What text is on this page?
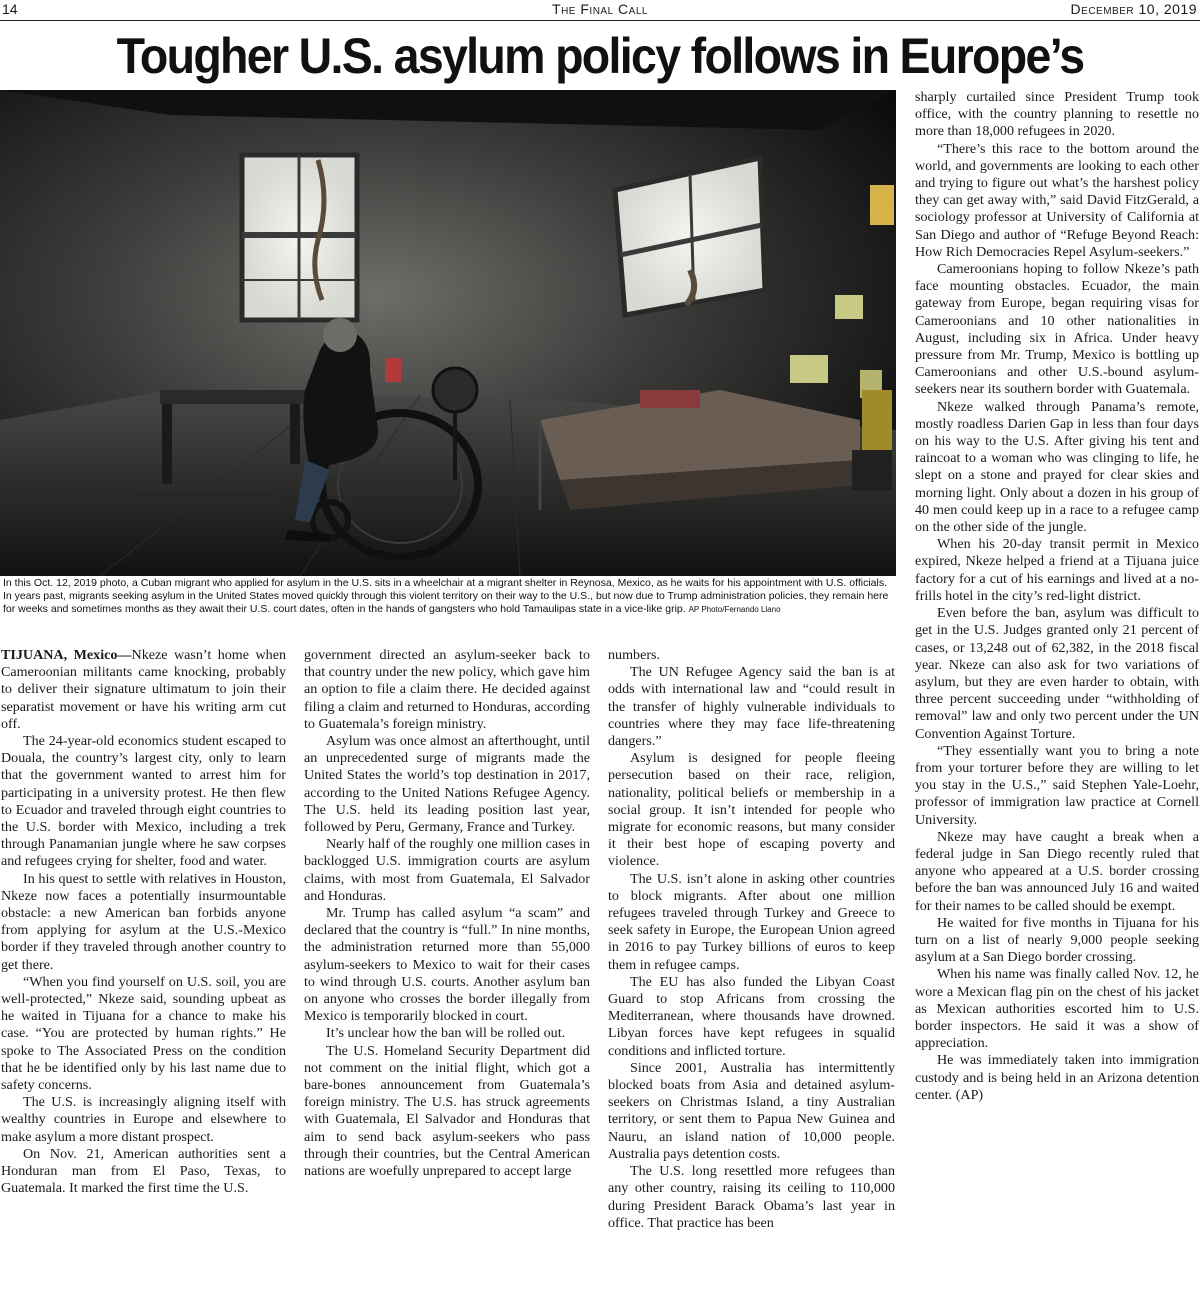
14	The Final Call	December 10, 2019
Tougher U.S. asylum policy follows in Europe’s
In this Oct. 12, 2019 photo, a Cuban migrant who applied for asylum in the U.S. sits in a wheelchair at a migrant shelter in Reynosa, Mexico, as he waits for his appointment with U.S. officials. In years past, migrants seeking asylum in the United States moved quickly through this violent territory on their way to the U.S., but now due to Trump administration policies, they remain here for weeks and sometimes months as they await their U.S. court dates, often in the hands of gangsters who hold Tamaulipas state in a vice-like grip. AP Photo/Fernando Llano

TIJUANA, Mexico—Nkeze wasn’t home when Cameroonian militants came knocking, probably to deliver their signature ultimatum to join their separatist movement or have his writing arm cut off.

The 24-year-old economics student escaped to Douala, the country’s largest city, only to learn that the government wanted to arrest him for participating in a university protest. He then flew to Ecuador and traveled through eight countries to the U.S. border with Mexico, including a trek through Panamanian jungle where he saw corpses and refugees crying for shelter, food and water.

In his quest to settle with relatives in Houston, Nkeze now faces a potentially insurmountable obstacle: a new American ban forbids anyone from applying for asylum at the U.S.-Mexico border if they traveled through another country to get there.

“When you find yourself on U.S. soil, you are well-protected,” Nkeze said, sounding upbeat as he waited in Tijuana for a chance to make his case. “You are protected by human rights.” He spoke to The Associated Press on the condition that he be identified only by his last name due to safety concerns.

The U.S. is increasingly aligning itself with wealthy countries in Europe and elsewhere to make asylum a more distant prospect.

On Nov. 21, American authorities sent a Honduran man from El Paso, Texas, to Guatemala. It marked the first time the U.S.

government directed an asylum-seeker back to that country under the new policy, which gave him an option to file a claim there. He decided against filing a claim and returned to Honduras, according to Guatemala’s foreign ministry.

Asylum was once almost an afterthought, until an unprecedented surge of migrants made the United States the world’s top destination in 2017, according to the United Nations Refugee Agency. The U.S. held its leading position last year, followed by Peru, Germany, France and Turkey.

Nearly half of the roughly one million cases in backlogged U.S. immigration courts are asylum claims, with most from Guatemala, El Salvador and Honduras.

Mr. Trump has called asylum “a scam” and declared that the country is “full.” In nine months, the administration returned more than 55,000 asylum-seekers to Mexico to wait for their cases to wind through U.S. courts. Another asylum ban on anyone who crosses the border illegally from Mexico is temporarily blocked in court.

It’s unclear how the ban will be rolled out.

The U.S. Homeland Security Department did not comment on the initial flight, which got a bare-bones announcement from Guatemala’s foreign ministry. The U.S. has struck agreements with Guatemala, El Salvador and Honduras that aim to send back asylum-seekers who pass through their countries, but the Central American nations are woefully unprepared to accept large

numbers.

The UN Refugee Agency said the ban is at odds with international law and “could result in the transfer of highly vulnerable individuals to countries where they may face life-threatening dangers.”

Asylum is designed for people fleeing persecution based on their race, religion, nationality, political beliefs or membership in a social group. It isn’t intended for people who migrate for economic reasons, but many consider it their best hope of escaping poverty and violence.

The U.S. isn’t alone in asking other countries to block migrants. After about one million refugees traveled through Turkey and Greece to seek safety in Europe, the European Union agreed in 2016 to pay Turkey billions of euros to keep them in refugee camps.

The EU has also funded the Libyan Coast Guard to stop Africans from crossing the Mediterranean, where thousands have drowned. Libyan forces have kept refugees in squalid conditions and inflicted torture.

Since 2001, Australia has intermittently blocked boats from Asia and detained asylum-seekers on Christmas Island, a tiny Australian territory, or sent them to Papua New Guinea and Nauru, an island nation of 10,000 people. Australia pays detention costs.

The U.S. long resettled more refugees than any other country, raising its ceiling to 110,000 during President Barack Obama’s last year in office. That practice has been

sharply curtailed since President Trump took office, with the country planning to resettle no more than 18,000 refugees in 2020.

“There’s this race to the bottom around the world, and governments are looking to each other and trying to figure out what’s the harshest policy they can get away with,” said David FitzGerald, a sociology professor at University of California at San Diego and author of “Refuge Beyond Reach: How Rich Democracies Repel Asylum-seekers.”

Cameroonians hoping to follow Nkeze’s path face mounting obstacles. Ecuador, the main gateway from Europe, began requiring visas for Cameroonians and 10 other nationalities in August, including six in Africa. Under heavy pressure from Mr. Trump, Mexico is bottling up Cameroonians and other U.S.-bound asylum-seekers near its southern border with Guatemala.

Nkeze walked through Panama’s remote, mostly roadless Darien Gap in less than four days on his way to the U.S. After giving his tent and raincoat to a woman who was clinging to life, he slept on a stone and prayed for clear skies and morning light. Only about a dozen in his group of 40 men could keep up in a race to a refugee camp on the other side of the jungle.

When his 20-day transit permit in Mexico expired, Nkeze helped a friend at a Tijuana juice factory for a cut of his earnings and lived at a no-frills hotel in the city’s red-light district.

Even before the ban, asylum was difficult to get in the U.S. Judges granted only 21 percent of cases, or 13,248 out of 62,382, in the 2018 fiscal year. Nkeze can also ask for two variations of asylum, but they are even harder to obtain, with three percent succeeding under “withholding of removal” law and only two percent under the UN Convention Against Torture.

“They essentially want you to bring a note from your torturer before they are willing to let you stay in the U.S.,” said Stephen Yale-Loehr, professor of immigration law practice at Cornell University.

Nkeze may have caught a break when a federal judge in San Diego recently ruled that anyone who appeared at a U.S. border crossing before the ban was announced July 16 and waited for their names to be called should be exempt.

He waited for five months in Tijuana for his turn on a list of nearly 9,000 people seeking asylum at a San Diego border crossing.

When his name was finally called Nov. 12, he wore a Mexican flag pin on the chest of his jacket as Mexican authorities escorted him to U.S. border inspectors. He said it was a show of appreciation.

He was immediately taken into immigration custody and is being held in an Arizona detention center. (AP)
